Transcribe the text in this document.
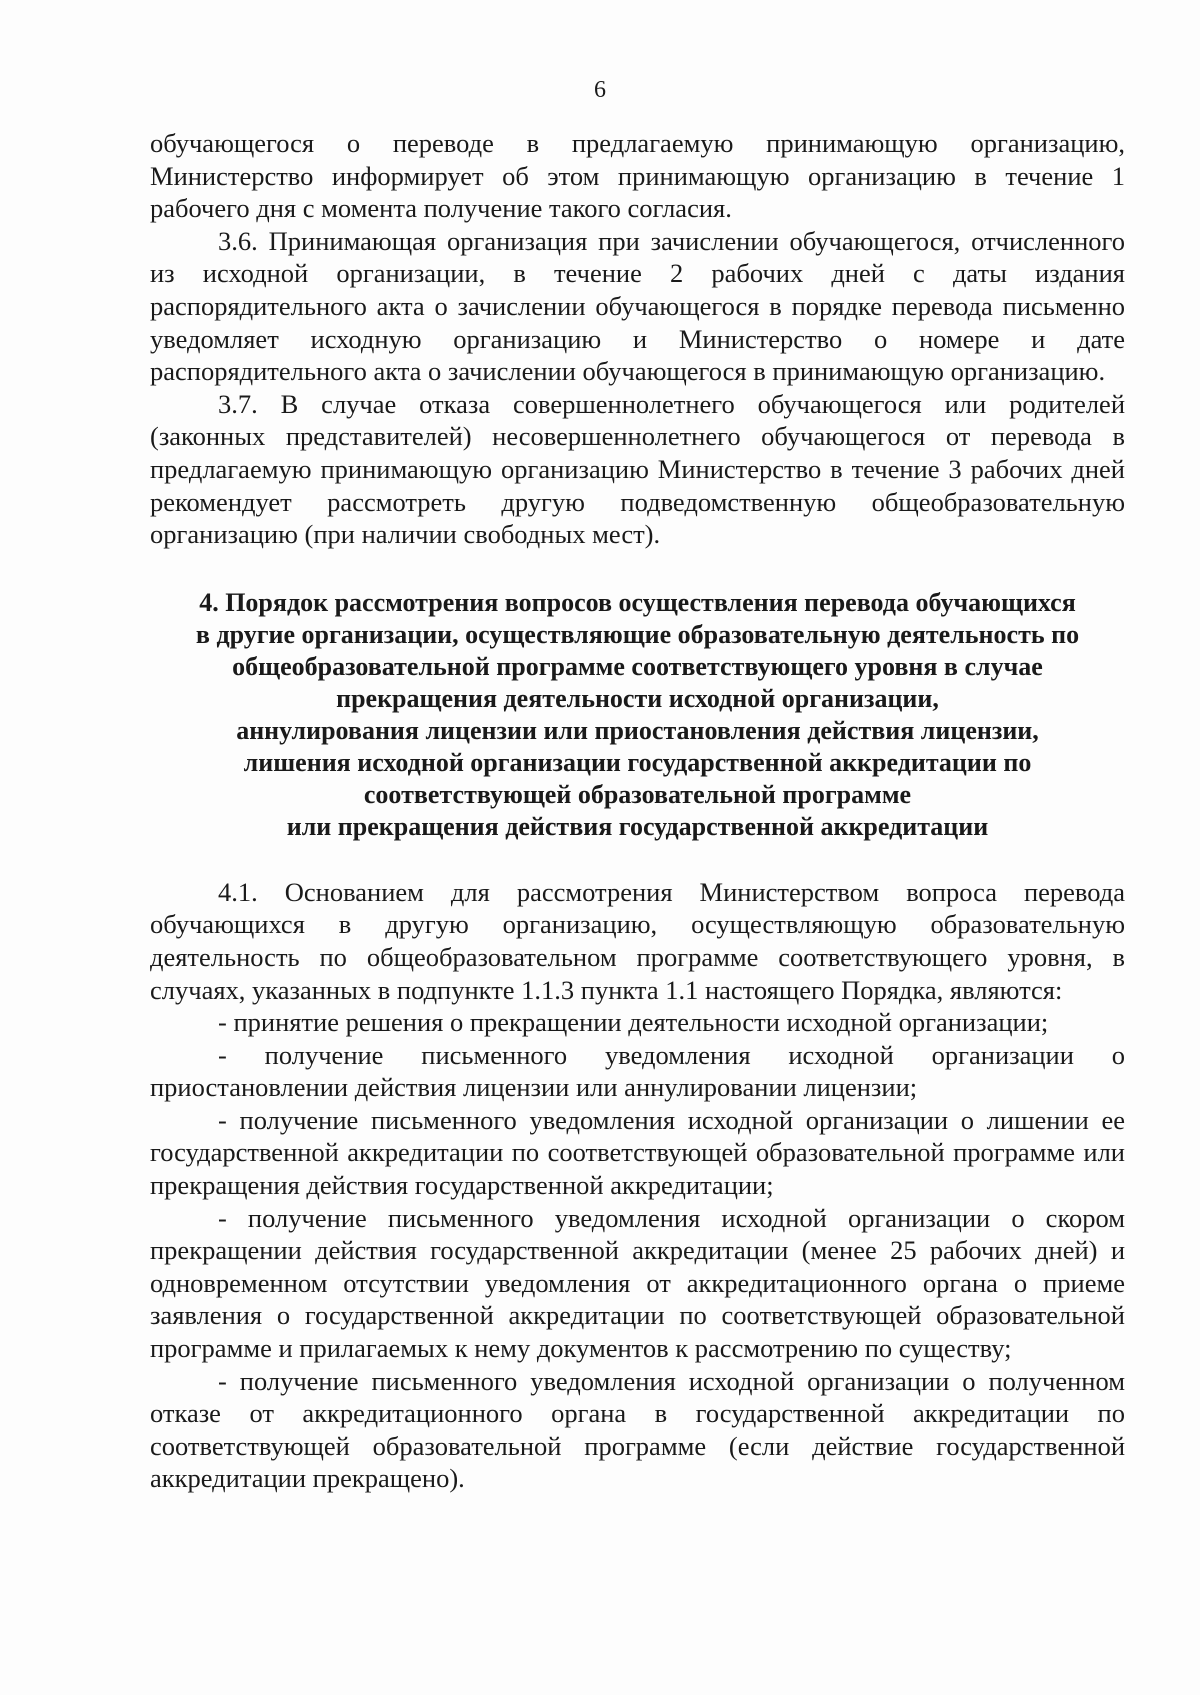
6

обучающегося о переводе в предлагаемую принимающую организацию, Министерство информирует об этом принимающую организацию в течение 1 рабочего дня с момента получение такого согласия.

3.6. Принимающая организация при зачислении обучающегося, отчисленного из исходной организации, в течение 2 рабочих дней с даты издания распорядительного акта о зачислении обучающегося в порядке перевода письменно уведомляет исходную организацию и Министерство о номере и дате распорядительного акта о зачислении обучающегося в принимающую организацию.

3.7. В случае отказа совершеннолетнего обучающегося или родителей (законных представителей) несовершеннолетнего обучающегося от перевода в предлагаемую принимающую организацию Министерство в течение 3 рабочих дней рекомендует рассмотреть другую подведомственную общеобразовательную организацию (при наличии свободных мест).

4. Порядок рассмотрения вопросов осуществления перевода обучающихся
в другие организации, осуществляющие образовательную деятельность по
общеобразовательной программе соответствующего уровня в случае
прекращения деятельности исходной организации,
аннулирования лицензии или приостановления действия лицензии,
лишения исходной организации государственной аккредитации по
соответствующей образовательной программе
или прекращения действия государственной аккредитации

4.1. Основанием для рассмотрения Министерством вопроса перевода обучающихся в другую организацию, осуществляющую образовательную деятельность по общеобразовательном программе соответствующего уровня, в случаях, указанных в подпункте 1.1.3 пункта 1.1 настоящего Порядка, являются:

- принятие решения о прекращении деятельности исходной организации;

- получение письменного уведомления исходной организации о приостановлении действия лицензии или аннулировании лицензии;

- получение письменного уведомления исходной организации о лишении ее государственной аккредитации по соответствующей образовательной программе или прекращения действия государственной аккредитации;

- получение письменного уведомления исходной организации о скором прекращении действия государственной аккредитации (менее 25 рабочих дней) и одновременном отсутствии уведомления от аккредитационного органа о приеме заявления о государственной аккредитации по соответствующей образовательной программе и прилагаемых к нему документов к рассмотрению по существу;

- получение письменного уведомления исходной организации о полученном отказе от аккредитационного органа в государственной аккредитации по соответствующей образовательной программе (если действие государственной аккредитации прекращено).
